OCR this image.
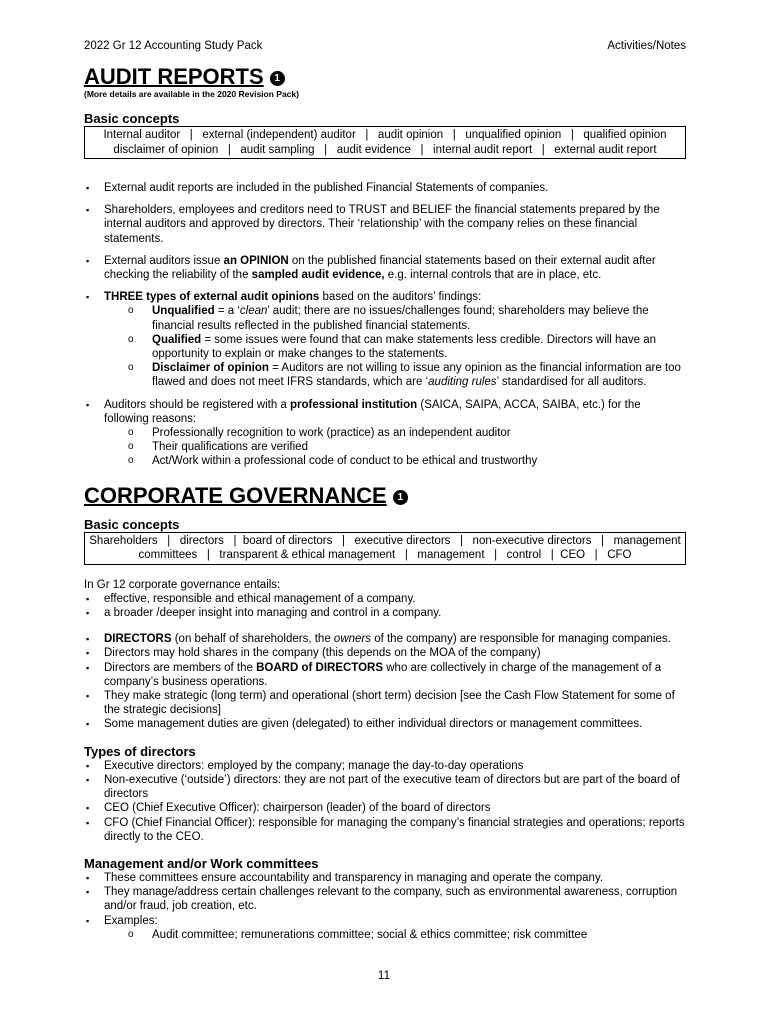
2022 Gr 12 Accounting Study Pack	Activities/Notes
AUDIT REPORTS 1
(More details are available in the 2020 Revision Pack)
Basic concepts
Internal auditor   |   external (independent) auditor   |   audit opinion   |   unqualified opinion   |   qualified opinion
disclaimer of opinion   |   audit sampling   |   audit evidence   |   internal audit report   |   external audit report
▪ External audit reports are included in the published Financial Statements of companies.
▪ Shareholders, employees and creditors need to TRUST and BELIEF the financial statements prepared by the internal auditors and approved by directors. Their ‘relationship’ with the company relies on these financial statements.
▪ External auditors issue an OPINION on the published financial statements based on their external audit after checking the reliability of the sampled audit evidence, e.g. internal controls that are in place, etc.
▪ THREE types of external audit opinions based on the auditors’ findings:
o Unqualified = a ‘clean’ audit; there are no issues/challenges found; shareholders may believe the financial results reflected in the published financial statements.
o Qualified = some issues were found that can make statements less credible. Directors will have an opportunity to explain or make changes to the statements.
o Disclaimer of opinion = Auditors are not willing to issue any opinion as the financial information are too flawed and does not meet IFRS standards, which are ‘auditing rules’ standardised for all auditors.
▪ Auditors should be registered with a professional institution (SAICA, SAIPA, ACCA, SAIBA, etc.) for the following reasons:
o Professionally recognition to work (practice) as an independent auditor
o Their qualifications are verified
o Act/Work within a professional code of conduct to be ethical and trustworthy
CORPORATE GOVERNANCE 1
Basic concepts
Shareholders   |   directors   |  board of directors   |   executive directors   |   non-executive directors   |   management
committees   |   transparent & ethical management   |   management   |   control   |  CEO   |   CFO
In Gr 12 corporate governance entails:
▪ effective, responsible and ethical management of a company.
▪ a broader /deeper insight into managing and control in a company.
▪ DIRECTORS (on behalf of shareholders, the owners of the company) are responsible for managing companies.
▪ Directors may hold shares in the company (this depends on the MOA of the company)
▪ Directors are members of the BOARD of DIRECTORS who are collectively in charge of the management of a company’s business operations.
▪ They make strategic (long term) and operational (short term) decision [see the Cash Flow Statement for some of the strategic decisions]
▪ Some management duties are given (delegated) to either individual directors or management committees.
Types of directors
▪ Executive directors: employed by the company; manage the day-to-day operations
▪ Non-executive (‘outside’) directors: they are not part of the executive team of directors but are part of the board of directors
▪ CEO (Chief Executive Officer): chairperson (leader) of the board of directors
▪ CFO (Chief Financial Officer): responsible for managing the company’s financial strategies and operations; reports directly to the CEO.
Management and/or Work committees
▪ These committees ensure accountability and transparency in managing and operate the company.
▪ They manage/address certain challenges relevant to the company, such as environmental awareness, corruption and/or fraud, job creation, etc.
▪ Examples:
o Audit committee; remunerations committee; social & ethics committee; risk committee
11
